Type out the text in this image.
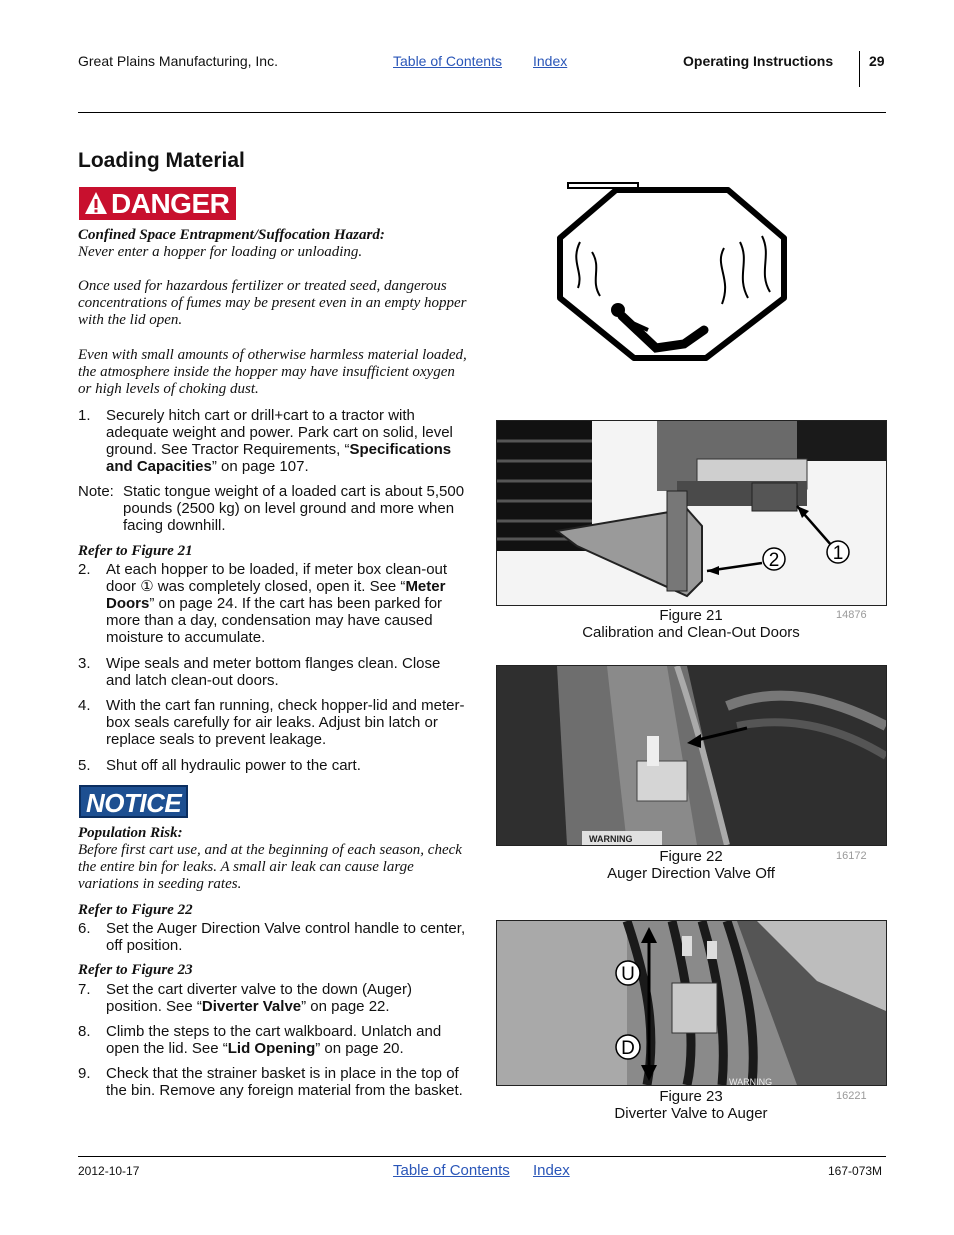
Great Plains Manufacturing, Inc.	Table of Contents Index	Operating Instructions	29
Loading Material
DANGER
Confined Space Entrapment/Suffocation Hazard:
Never enter a hopper for loading or unloading.
Once used for hazardous fertilizer or treated seed, dangerous concentrations of fumes may be present even in an empty hopper with the lid open.
Even with small amounts of otherwise harmless material loaded, the atmosphere inside the hopper may have insufficient oxygen or high levels of choking dust.
1. Securely hitch cart or drill+cart to a tractor with adequate weight and power. Park cart on solid, level ground. See Tractor Requirements, “Specifications and Capacities” on page 107.
Note: Static tongue weight of a loaded cart is about 5,500 pounds (2500 kg) on level ground and more when facing downhill.
Refer to Figure 21
2. At each hopper to be loaded, if meter box clean-out door ① was completely closed, open it. See “Meter Doors” on page 24. If the cart has been parked for more than a day, condensation may have caused moisture to accumulate.
3. Wipe seals and meter bottom flanges clean. Close and latch clean-out doors.
4. With the cart fan running, check hopper-lid and meter-box seals carefully for air leaks. Adjust bin latch or replace seals to prevent leakage.
5. Shut off all hydraulic power to the cart.
NOTICE
Population Risk:
Before first cart use, and at the beginning of each season, check the entire bin for leaks. A small air leak can cause large variations in seeding rates.
Refer to Figure 22
6. Set the Auger Direction Valve control handle to center, off position.
Refer to Figure 23
7. Set the cart diverter valve to the down (Auger) position. See “Diverter Valve” on page 22.
8. Climb the steps to the cart walkboard. Unlatch and open the lid. See “Lid Opening” on page 20.
9. Check that the strainer basket is in place in the top of the bin. Remove any foreign material from the basket.
1
2
Figure 21
Calibration and Clean-Out Doors
14876
WARNING
Figure 22
Auger Direction Valve Off
16172
U
D
WARNING
Figure 23
Diverter Valve to Auger
16221
2012-10-17	Table of Contents Index	167-073M
